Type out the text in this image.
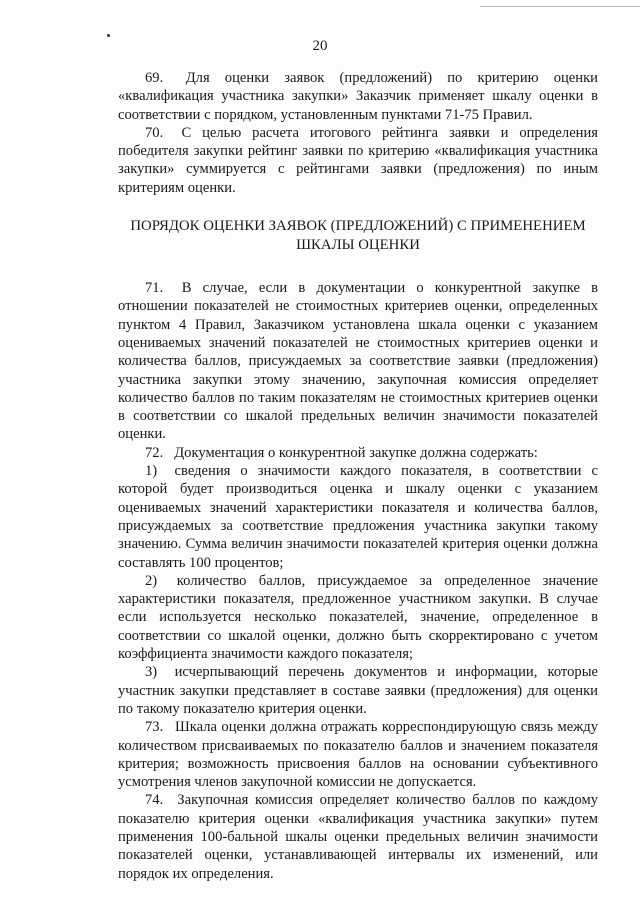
20

69. Для оценки заявок (предложений) по критерию оценки «квалификация участника закупки» Заказчик применяет шкалу оценки в соответствии с порядком, установленным пунктами 71-75 Правил.

70. С целью расчета итогового рейтинга заявки и определения победителя закупки рейтинг заявки по критерию «квалификация участника закупки» суммируется с рейтингами заявки (предложения) по иным критериям оценки.

ПОРЯДОК ОЦЕНКИ ЗАЯВОК (ПРЕДЛОЖЕНИЙ) С ПРИМЕНЕНИЕМ ШКАЛЫ ОЦЕНКИ

71. В случае, если в документации о конкурентной закупке в отношении показателей не стоимостных критериев оценки, определенных пунктом 4 Правил, Заказчиком установлена шкала оценки с указанием оцениваемых значений показателей не стоимостных критериев оценки и количества баллов, присуждаемых за соответствие заявки (предложения) участника закупки этому значению, закупочная комиссия определяет количество баллов по таким показателям не стоимостных критериев оценки в соответствии со шкалой предельных величин значимости показателей оценки.

72. Документация о конкурентной закупке должна содержать:

1) сведения о значимости каждого показателя, в соответствии с которой будет производиться оценка и шкалу оценки с указанием оцениваемых значений характеристики показателя и количества баллов, присуждаемых за соответствие предложения участника закупки такому значению. Сумма величин значимости показателей критерия оценки должна составлять 100 процентов;

2) количество баллов, присуждаемое за определенное значение характеристики показателя, предложенное участником закупки. В случае если используется несколько показателей, значение, определенное в соответствии со шкалой оценки, должно быть скорректировано с учетом коэффициента значимости каждого показателя;

3) исчерпывающий перечень документов и информации, которые участник закупки представляет в составе заявки (предложения) для оценки по такому показателю критерия оценки.

73. Шкала оценки должна отражать корреспондирующую связь между количеством присваиваемых по показателю баллов и значением показателя критерия; возможность присвоения баллов на основании субъективного усмотрения членов закупочной комиссии не допускается.

74. Закупочная комиссия определяет количество баллов по каждому показателю критерия оценки «квалификация участника закупки» путем применения 100-бальной шкалы оценки предельных величин значимости показателей оценки, устанавливающей интервалы их изменений, или порядок их определения.
